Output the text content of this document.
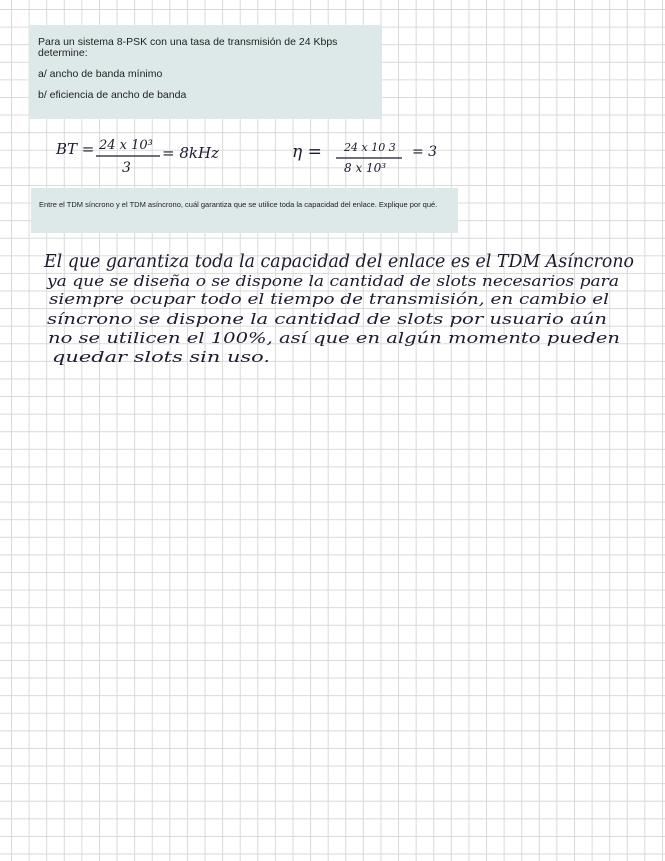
Para un sistema 8-PSK con una tasa de transmisión de 24 Kbps determine:

a/ ancho de banda mínimo

b/ eficiencia de ancho de banda

BT = 24 x 10³
3
= 8kHz	η = 24 x 10 3
8 x 10³
= 3
El que garantiza toda la capacidad del enlace es el TDM Asíncrono
ya que se diseña o se dispone la cantidad de slots necesarios para
siempre ocupar todo el tiempo de transmisión, en cambio el
síncrono se dispone la cantidad de slots por usuario aún
no se utilicen el 100%, así que en algún momento pueden
quedar slots sin uso.

Entre el TDM síncrono y el TDM asíncrono, cuál garantiza que se utilice toda la capacidad del enlace. Explique por qué.
